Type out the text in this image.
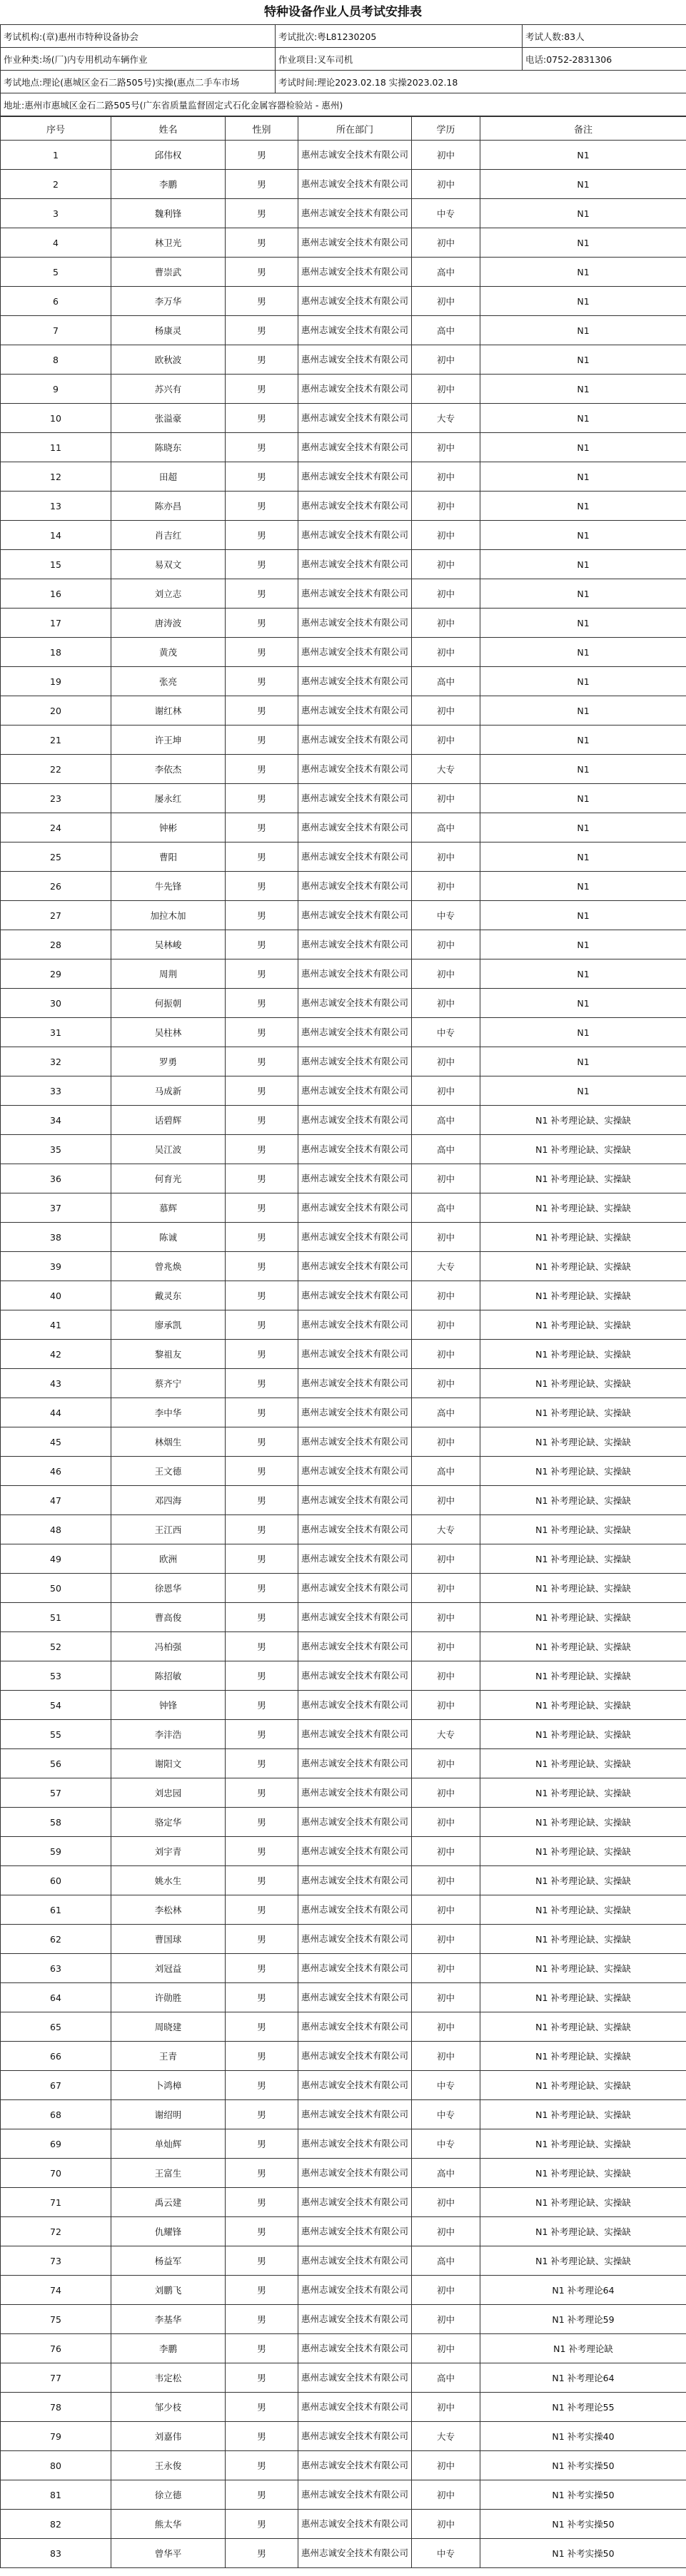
特种设备作业人员考试安排表
考试机构:(章)惠州市特种设备协会	考试批次:粤L81230205	考试人数:83人
作业种类:场(厂)内专用机动车辆作业	作业项目:叉车司机	电话:0752-2831306
考试地点:理论(惠城区金石二路505号)实操(惠点二手车市场	考试时间:理论2023.02.18 实操2023.02.18	
地址:惠州市惠城区金石二路505号(广东省质量监督固定式石化金属容器检验站 - 惠州)		
序号	姓名	性别	所在部门	学历	备注
1	邱伟权	男	惠州志诚安全技术有限公司	初中	N1
2	李鹏	男	惠州志诚安全技术有限公司	初中	N1
3	魏利锋	男	惠州志诚安全技术有限公司	中专	N1
4	林卫光	男	惠州志诚安全技术有限公司	初中	N1
5	曹崇武	男	惠州志诚安全技术有限公司	高中	N1
6	李万华	男	惠州志诚安全技术有限公司	初中	N1
7	杨康灵	男	惠州志诚安全技术有限公司	高中	N1
8	欧秋波	男	惠州志诚安全技术有限公司	初中	N1
9	苏兴有	男	惠州志诚安全技术有限公司	初中	N1
10	张溢豪	男	惠州志诚安全技术有限公司	大专	N1
11	陈晓东	男	惠州志诚安全技术有限公司	初中	N1
12	田超	男	惠州志诚安全技术有限公司	初中	N1
13	陈亦昌	男	惠州志诚安全技术有限公司	初中	N1
14	肖吉红	男	惠州志诚安全技术有限公司	初中	N1
15	易双文	男	惠州志诚安全技术有限公司	初中	N1
16	刘立志	男	惠州志诚安全技术有限公司	初中	N1
17	唐涛波	男	惠州志诚安全技术有限公司	初中	N1
18	黄茂	男	惠州志诚安全技术有限公司	初中	N1
19	张亮	男	惠州志诚安全技术有限公司	高中	N1
20	谢红林	男	惠州志诚安全技术有限公司	初中	N1
21	许王坤	男	惠州志诚安全技术有限公司	初中	N1
22	李依杰	男	惠州志诚安全技术有限公司	大专	N1
23	屡永红	男	惠州志诚安全技术有限公司	初中	N1
24	钟彬	男	惠州志诚安全技术有限公司	高中	N1
25	曹阳	男	惠州志诚安全技术有限公司	初中	N1
26	牛先锋	男	惠州志诚安全技术有限公司	初中	N1
27	加拉木加	男	惠州志诚安全技术有限公司	中专	N1
28	吴林峻	男	惠州志诚安全技术有限公司	初中	N1
29	周荆	男	惠州志诚安全技术有限公司	初中	N1
30	何振朝	男	惠州志诚安全技术有限公司	初中	N1
31	吴柱林	男	惠州志诚安全技术有限公司	中专	N1
32	罗勇	男	惠州志诚安全技术有限公司	初中	N1
33	马成新	男	惠州志诚安全技术有限公司	初中	N1
34	话碧辉	男	惠州志诚安全技术有限公司	高中	N1 补考理论缺、实操缺
35	吴江波	男	惠州志诚安全技术有限公司	高中	N1 补考理论缺、实操缺
36	何育光	男	惠州志诚安全技术有限公司	初中	N1 补考理论缺、实操缺
37	慕辉	男	惠州志诚安全技术有限公司	高中	N1 补考理论缺、实操缺
38	陈诚	男	惠州志诚安全技术有限公司	初中	N1 补考理论缺、实操缺
39	曾兆焕	男	惠州志诚安全技术有限公司	大专	N1 补考理论缺、实操缺
40	戴灵东	男	惠州志诚安全技术有限公司	初中	N1 补考理论缺、实操缺
41	廖承凯	男	惠州志诚安全技术有限公司	初中	N1 补考理论缺、实操缺
42	黎祖友	男	惠州志诚安全技术有限公司	初中	N1 补考理论缺、实操缺
43	蔡齐宁	男	惠州志诚安全技术有限公司	初中	N1 补考理论缺、实操缺
44	李中华	男	惠州志诚安全技术有限公司	高中	N1 补考理论缺、实操缺
45	林烟生	男	惠州志诚安全技术有限公司	初中	N1 补考理论缺、实操缺
46	王文德	男	惠州志诚安全技术有限公司	高中	N1 补考理论缺、实操缺
47	邓四海	男	惠州志诚安全技术有限公司	初中	N1 补考理论缺、实操缺
48	王江西	男	惠州志诚安全技术有限公司	大专	N1 补考理论缺、实操缺
49	欧洲	男	惠州志诚安全技术有限公司	初中	N1 补考理论缺、实操缺
50	徐恩华	男	惠州志诚安全技术有限公司	初中	N1 补考理论缺、实操缺
51	曹高俊	男	惠州志诚安全技术有限公司	初中	N1 补考理论缺、实操缺
52	冯柏强	男	惠州志诚安全技术有限公司	初中	N1 补考理论缺、实操缺
53	陈招敏	男	惠州志诚安全技术有限公司	初中	N1 补考理论缺、实操缺
54	钟锋	男	惠州志诚安全技术有限公司	初中	N1 补考理论缺、实操缺
55	李沣浩	男	惠州志诚安全技术有限公司	大专	N1 补考理论缺、实操缺
56	谢阳文	男	惠州志诚安全技术有限公司	初中	N1 补考理论缺、实操缺
57	刘忠园	男	惠州志诚安全技术有限公司	初中	N1 补考理论缺、实操缺
58	骆定华	男	惠州志诚安全技术有限公司	初中	N1 补考理论缺、实操缺
59	刘宇青	男	惠州志诚安全技术有限公司	初中	N1 补考理论缺、实操缺
60	姚水生	男	惠州志诚安全技术有限公司	初中	N1 补考理论缺、实操缺
61	李松林	男	惠州志诚安全技术有限公司	初中	N1 补考理论缺、实操缺
62	曹国球	男	惠州志诚安全技术有限公司	初中	N1 补考理论缺、实操缺
63	刘冠益	男	惠州志诚安全技术有限公司	初中	N1 补考理论缺、实操缺
64	许勋胜	男	惠州志诚安全技术有限公司	初中	N1 补考理论缺、实操缺
65	周晓建	男	惠州志诚安全技术有限公司	初中	N1 补考理论缺、实操缺
66	王青	男	惠州志诚安全技术有限公司	初中	N1 补考理论缺、实操缺
67	卜鸿樟	男	惠州志诚安全技术有限公司	中专	N1 补考理论缺、实操缺
68	谢绍明	男	惠州志诚安全技术有限公司	中专	N1 补考理论缺、实操缺
69	单灿辉	男	惠州志诚安全技术有限公司	中专	N1 补考理论缺、实操缺
70	王富生	男	惠州志诚安全技术有限公司	高中	N1 补考理论缺、实操缺
71	禹云建	男	惠州志诚安全技术有限公司	初中	N1 补考理论缺、实操缺
72	仇耀锋	男	惠州志诚安全技术有限公司	初中	N1 补考理论缺、实操缺
73	杨益军	男	惠州志诚安全技术有限公司	高中	N1 补考理论缺、实操缺
74	刘鹏飞	男	惠州志诚安全技术有限公司	初中	N1 补考理论64
75	李基华	男	惠州志诚安全技术有限公司	初中	N1 补考理论59
76	李鹏	男	惠州志诚安全技术有限公司	初中	N1 补考理论缺
77	韦定松	男	惠州志诚安全技术有限公司	高中	N1 补考理论64
78	邹少枝	男	惠州志诚安全技术有限公司	初中	N1 补考理论55
79	刘嘉伟	男	惠州志诚安全技术有限公司	大专	N1 补考实操40
80	王永俊	男	惠州志诚安全技术有限公司	初中	N1 补考实操50
81	徐立德	男	惠州志诚安全技术有限公司	初中	N1 补考实操50
82	熊太华	男	惠州志诚安全技术有限公司	初中	N1 补考实操50
83	曾华平	男	惠州志诚安全技术有限公司	中专	N1 补考实操50
